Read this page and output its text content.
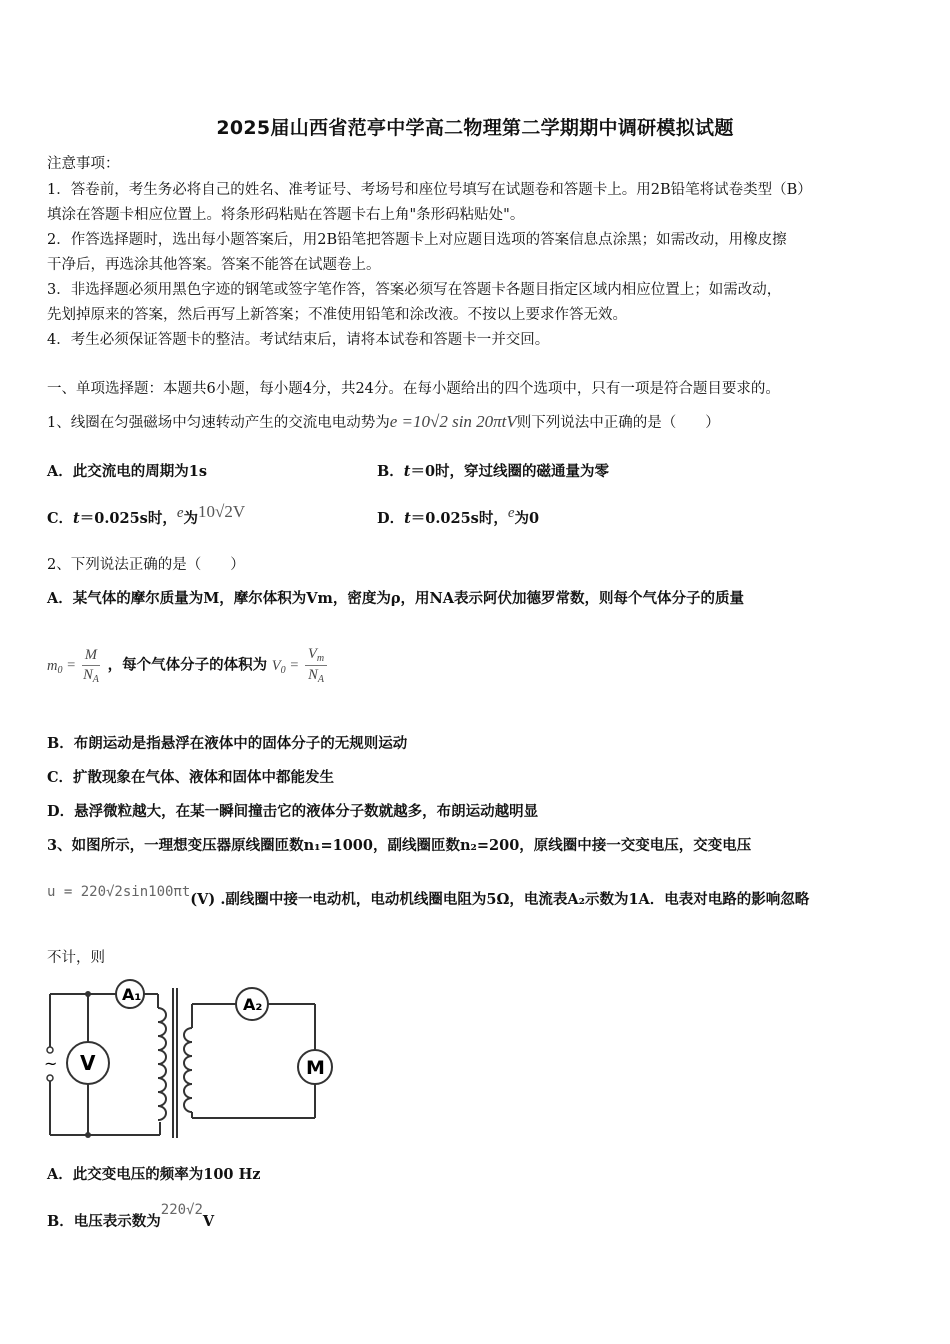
2025届山西省范亭中学高二物理第二学期期中调研模拟试题
注意事项：
1．答卷前，考生务必将自己的姓名、准考证号、考场号和座位号填写在试题卷和答题卡上。用2B铅笔将试卷类型（B）
填涂在答题卡相应位置上。将条形码粘贴在答题卡右上角"条形码粘贴处"。
2．作答选择题时，选出每小题答案后，用2B铅笔把答题卡上对应题目选项的答案信息点涂黑；如需改动，用橡皮擦
干净后，再选涂其他答案。答案不能答在试题卷上。
3．非选择题必须用黑色字迹的钢笔或签字笔作答，答案必须写在答题卡各题目指定区域内相应位置上；如需改动，
先划掉原来的答案，然后再写上新答案；不准使用铅笔和涂改液。不按以上要求作答无效。
4．考生必须保证答题卡的整洁。考试结束后，请将本试卷和答题卡一并交回。
一、单项选择题：本题共6小题，每小题4分，共24分。在每小题给出的四个选项中，只有一项是符合题目要求的。
1、线圈在匀强磁场中匀速转动产生的交流电电动势为e =10√2 sin 20πtV则下列说法中正确的是（　　）
A．此交流电的周期为1s	B．t＝0时，穿过线圈的磁通量为零
C．t＝0.025s时，e为10√2V	D．t＝0.025s时，e为0
2、下列说法正确的是（　　）
A．某气体的摩尔质量为M，摩尔体积为Vm，密度为ρ，用NA表示阿伏加德罗常数，则每个气体分子的质量
$m_0 = \frac{M}{N_A}$ ，每个气体分子的体积为 $V_0 = \frac{V_m}{N_A}$
B．布朗运动是指悬浮在液体中的固体分子的无规则运动
C．扩散现象在气体、液体和固体中都能发生
D．悬浮微粒越大，在某一瞬间撞击它的液体分子数就越多，布朗运动越明显
3、如图所示，一理想变压器原线圈匝数n₁=1000，副线圈匝数n₂=200，原线圈中接一交变电压，交变电压
u = 220√2sin100πt(V) .副线圈中接一电动机，电动机线圈电阻为5Ω，电流表A₂示数为1A．电表对电路的影响忽略
不计，则
~
A₁
V
A₂
M
A．此交变电压的频率为100 Hz
B．电压表示数为220√2V
